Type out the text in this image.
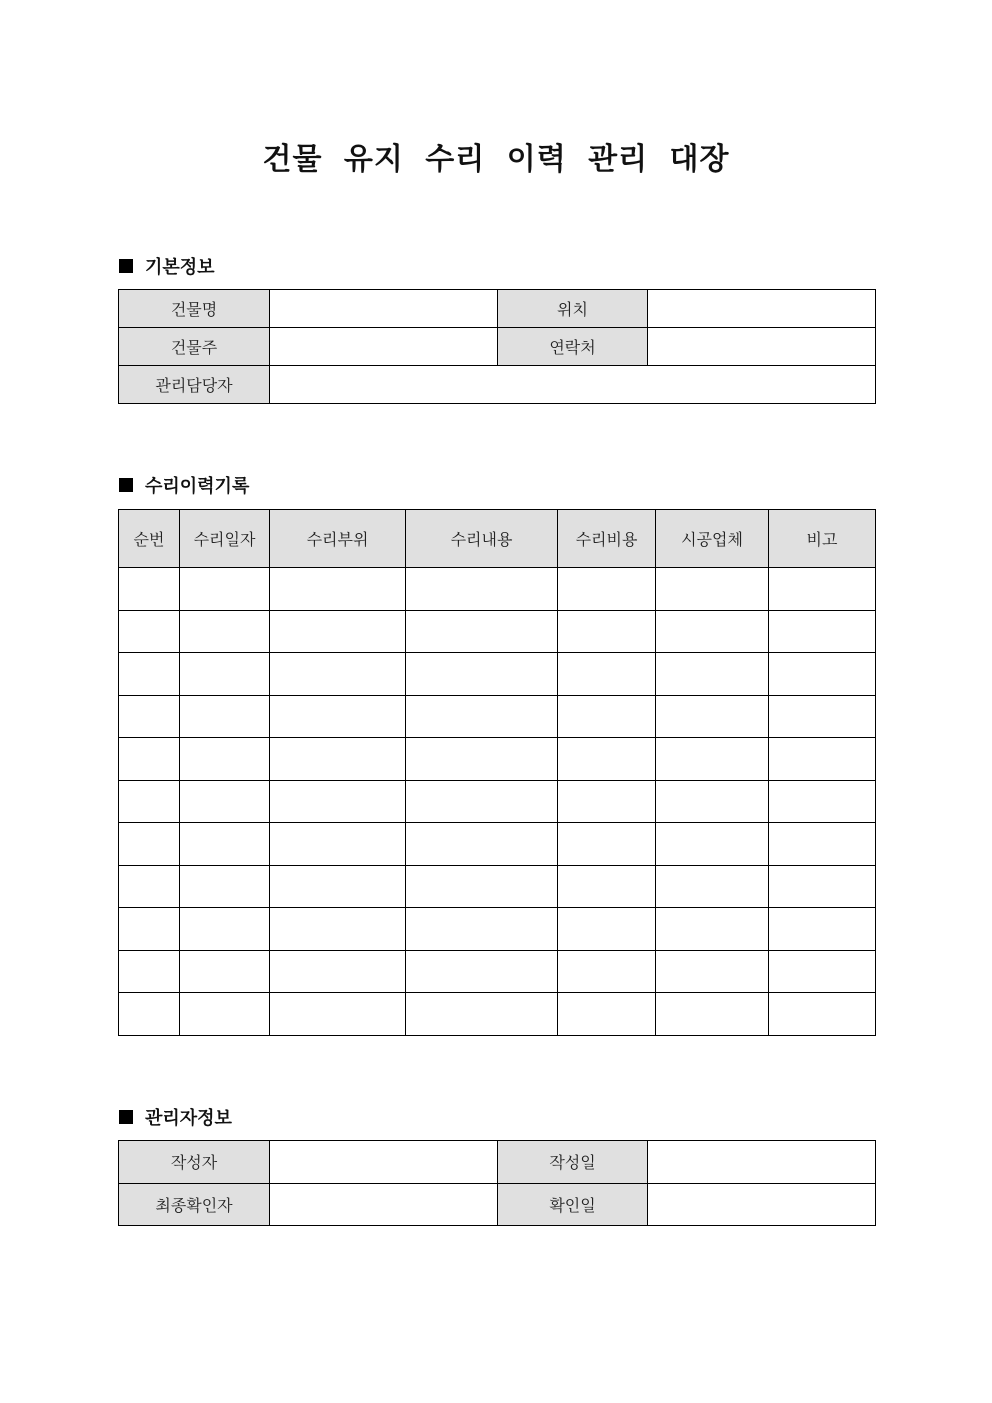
건물 유지 수리 이력 관리 대장
기본정보
건물명		위치	
건물주		연락처	
관리담당자			
수리이력기록
순번	수리일자	수리부위	수리내용	수리비용	시공업체	비고

관리자정보
작성자		작성일	
최종확인자		확인일	
